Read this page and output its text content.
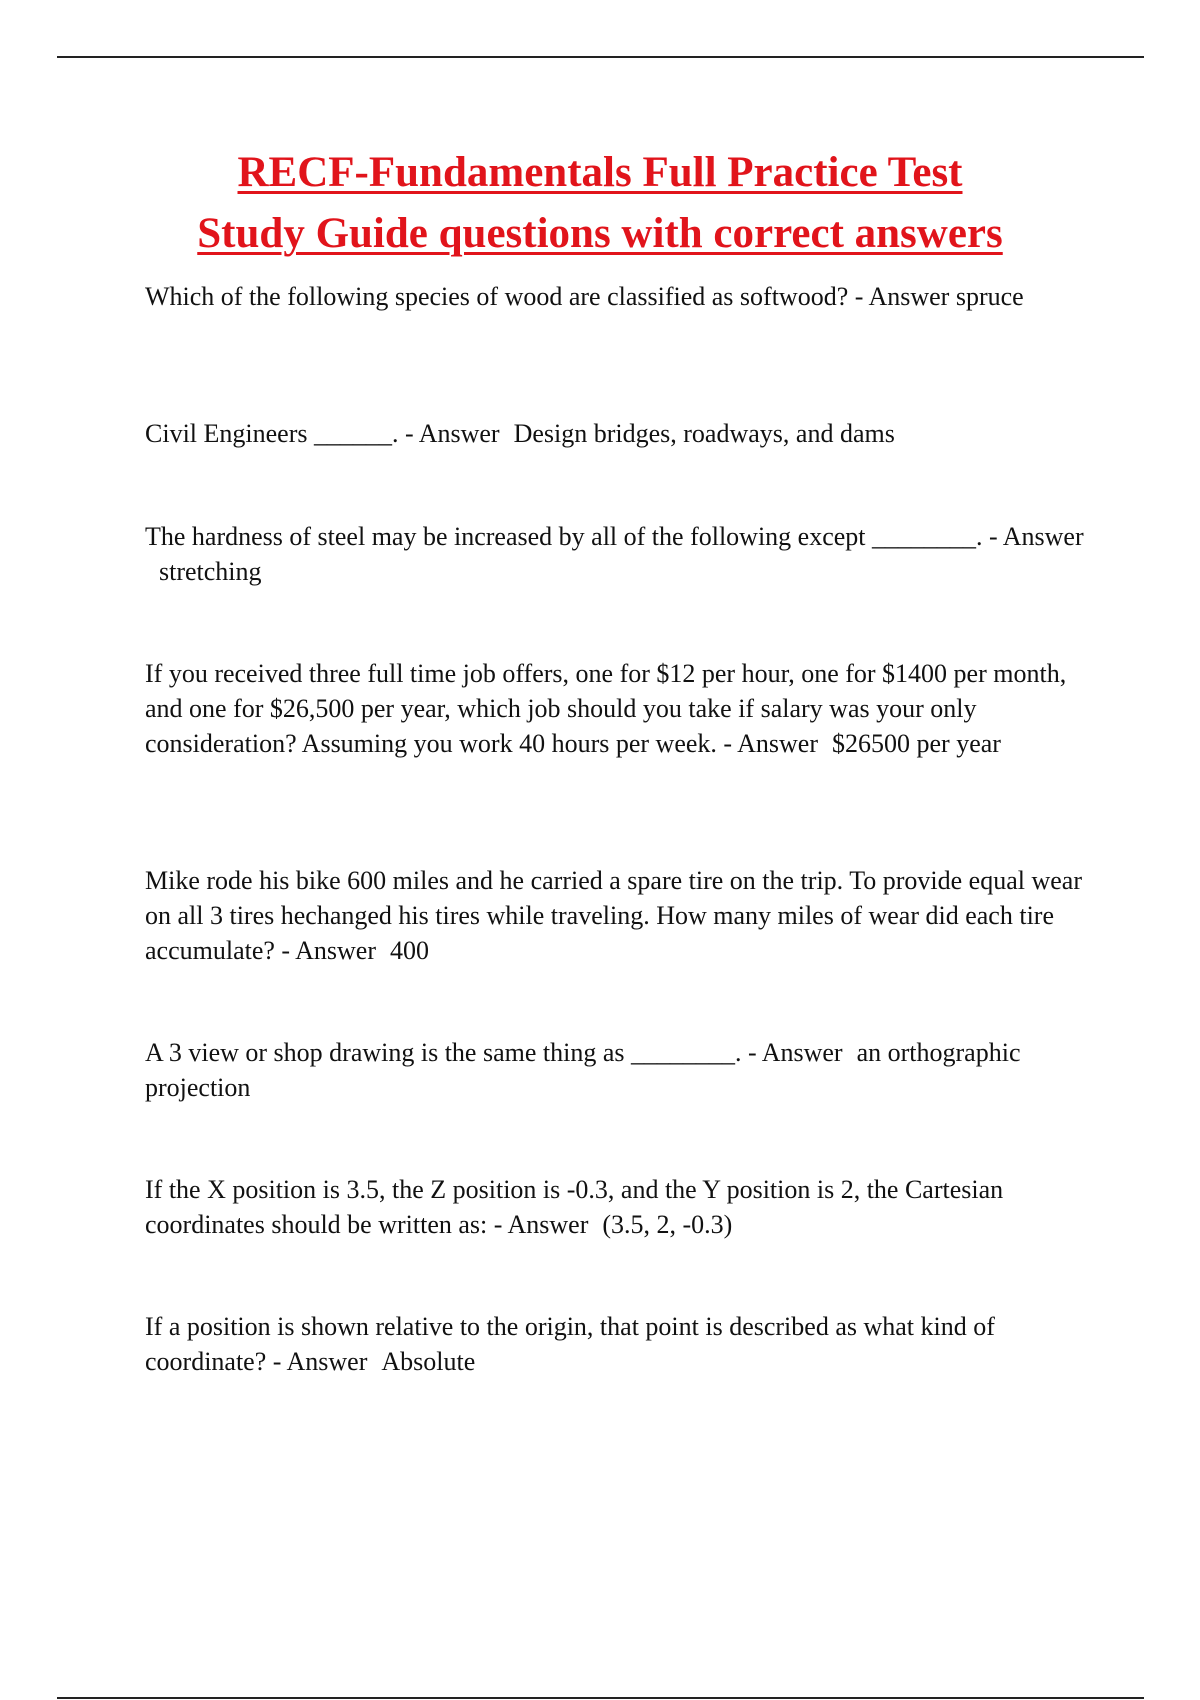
RECF-Fundamentals Full Practice Test
Study Guide questions with correct answers

Which of the following species of wood are classified as softwood? - Answer spruce

Civil Engineers ______. - Answer Design bridges, roadways, and dams

The hardness of steel may be increased by all of the following except ________. - Answerstretching

If you received three full time job offers, one for $12 per hour, one for $1400 per month, and one for $26,500 per year, which job should you take if salary was your only consideration? Assuming you work 40 hours per week. - Answer $26500 per year

Mike rode his bike 600 miles and he carried a spare tire on the trip. To provide equal wear on all 3 tires hechanged his tires while traveling. How many miles of wear did each tire accumulate? - Answer 400

A 3 view or shop drawing is the same thing as ________. - Answer an orthographic projection

If the X position is 3.5, the Z position is -0.3, and the Y position is 2, the Cartesian coordinates should be written as: - Answer (3.5, 2, -0.3)

If a position is shown relative to the origin, that point is described as what kind of coordinate? - Answer Absolute
